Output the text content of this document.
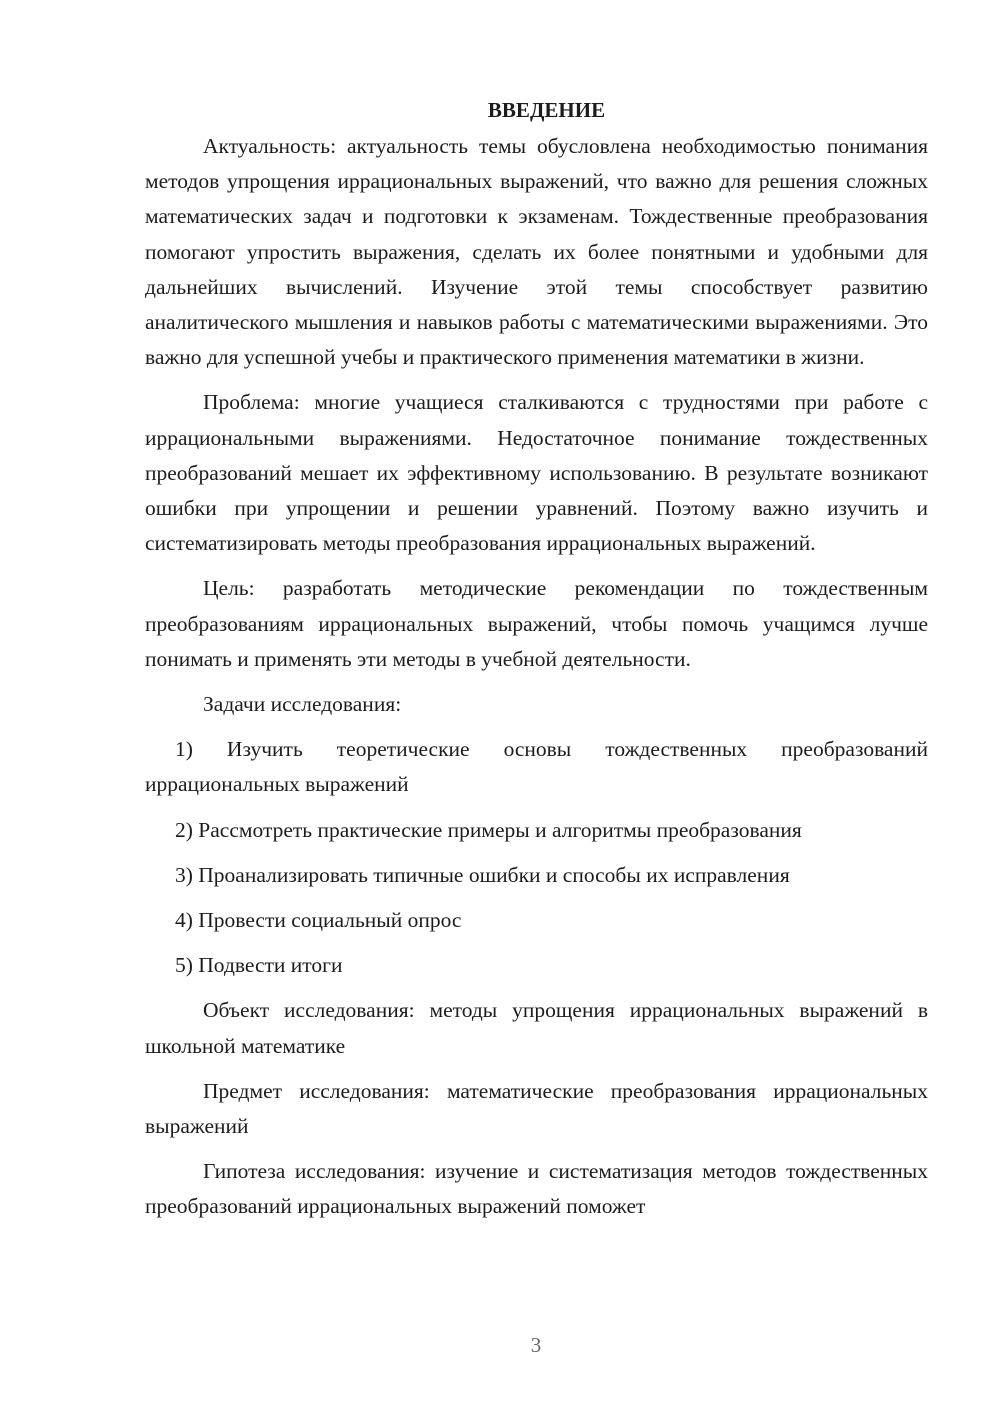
ВВЕДЕНИЕ

Актуальность: актуальность темы обусловлена необходимостью понимания методов упрощения иррациональных выражений, что важно для решения сложных математических задач и подготовки к экзаменам. Тождественные преобразования помогают упростить выражения, сделать их более понятными и удобными для дальнейших вычислений. Изучение этой темы способствует развитию аналитического мышления и навыков работы с математическими выражениями. Это важно для успешной учебы и практического применения математики в жизни.

Проблема: многие учащиеся сталкиваются с трудностями при работе с иррациональными выражениями. Недостаточное понимание тождественных преобразований мешает их эффективному использованию. В результате возникают ошибки при упрощении и решении уравнений. Поэтому важно изучить и систематизировать методы преобразования иррациональных выражений.

Цель: разработать методические рекомендации по тождественным преобразованиям иррациональных выражений, чтобы помочь учащимся лучше понимать и применять эти методы в учебной деятельности.

Задачи исследования:

1) Изучить теоретические основы тождественных преобразований иррациональных выражений

2) Рассмотреть практические примеры и алгоритмы преобразования

3) Проанализировать типичные ошибки и способы их исправления

4) Провести социальный опрос

5) Подвести итоги

Объект исследования: методы упрощения иррациональных выражений в школьной математике

Предмет исследования: математические преобразования иррациональных выражений

Гипотеза исследования: изучение и систематизация методов тождественных преобразований иррациональных выражений поможет

3
